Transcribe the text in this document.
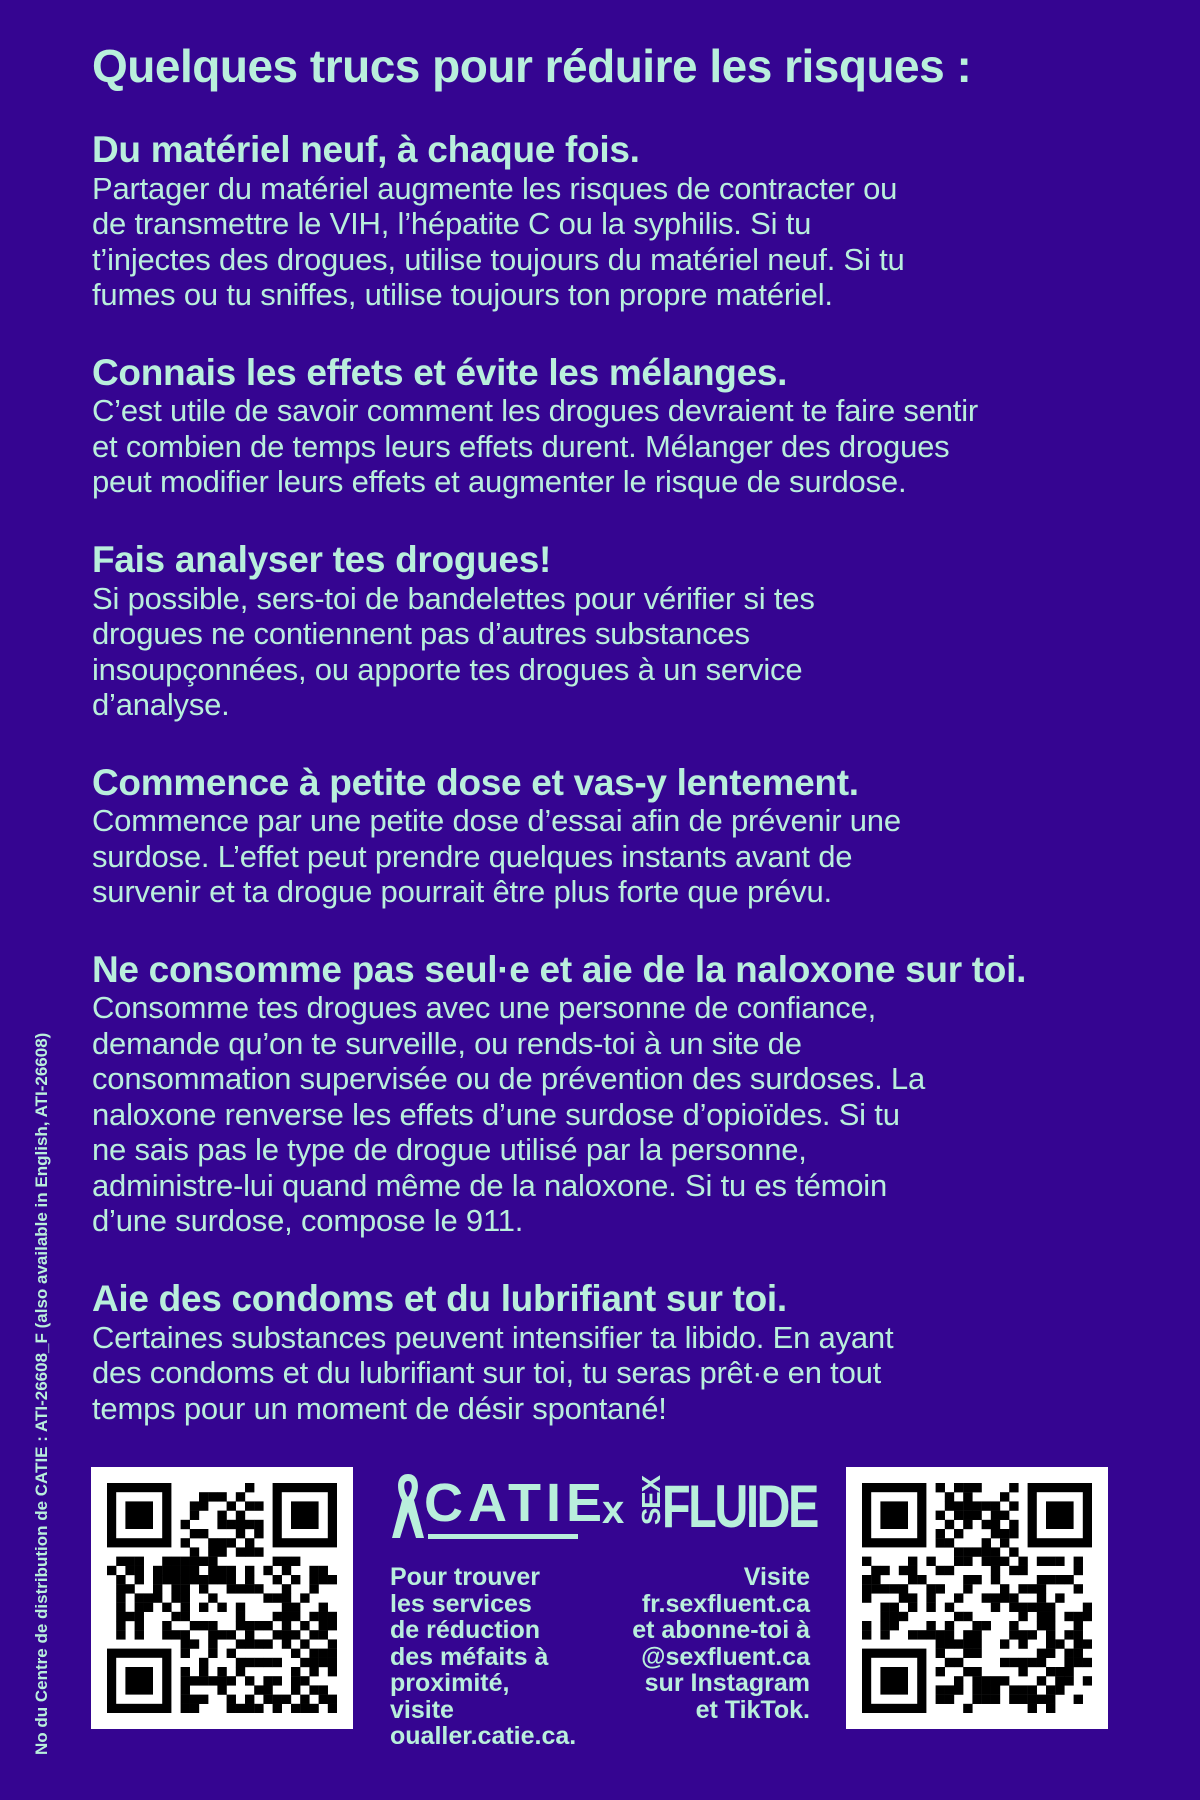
Quelques trucs pour réduire les risques :
Du matériel neuf, à chaque fois.

Partager du matériel augmente les risques de contracter ou
de transmettre le VIH, l’hépatite C ou la syphilis. Si tu
t’injectes des drogues, utilise toujours du matériel neuf. Si tu
fumes ou tu sniffes, utilise toujours ton propre matériel.

Connais les effets et évite les mélanges.

C’est utile de savoir comment les drogues devraient te faire sentir
et combien de temps leurs effets durent. Mélanger des drogues
peut modifier leurs effets et augmenter le risque de surdose.

Fais analyser tes drogues!

Si possible, sers-toi de bandelettes pour vérifier si tes
drogues ne contiennent pas d’autres substances
insoupçonnées, ou apporte tes drogues à un service
d’analyse.

Commence à petite dose et vas-y lentement.

Commence par une petite dose d’essai afin de prévenir une
surdose. L’effet peut prendre quelques instants avant de
survenir et ta drogue pourrait être plus forte que prévu.

Ne consomme pas seul·e et aie de la naloxone sur toi.

Consomme tes drogues avec une personne de confiance,
demande qu’on te surveille, ou rends-toi à un site de
consommation supervisée ou de prévention des surdoses. La
naloxone renverse les effets d’une surdose d’opioïdes. Si tu
ne sais pas le type de drogue utilisé par la personne,
administre-lui quand même de la naloxone. Si tu es témoin
d’une surdose, compose le 911.

Aie des condoms et du lubrifiant sur toi.

Certaines substances peuvent intensifier ta libido. En ayant
des condoms et du lubrifiant sur toi, tu seras prêt·e en tout
temps pour un moment de désir spontané!

No du Centre de distribution de CATIE : ATI-26608_F (also available in English, ATI-26608)	CATIE
x SEX
FLUIDE

Pour trouver
les services
de réduction
des méfaits à
proximité,
visite
oualler.catie.ca.

Visite
fr.sexfluent.ca
et abonne-toi à
@sexfluent.ca
sur Instagram
et TikTok.
